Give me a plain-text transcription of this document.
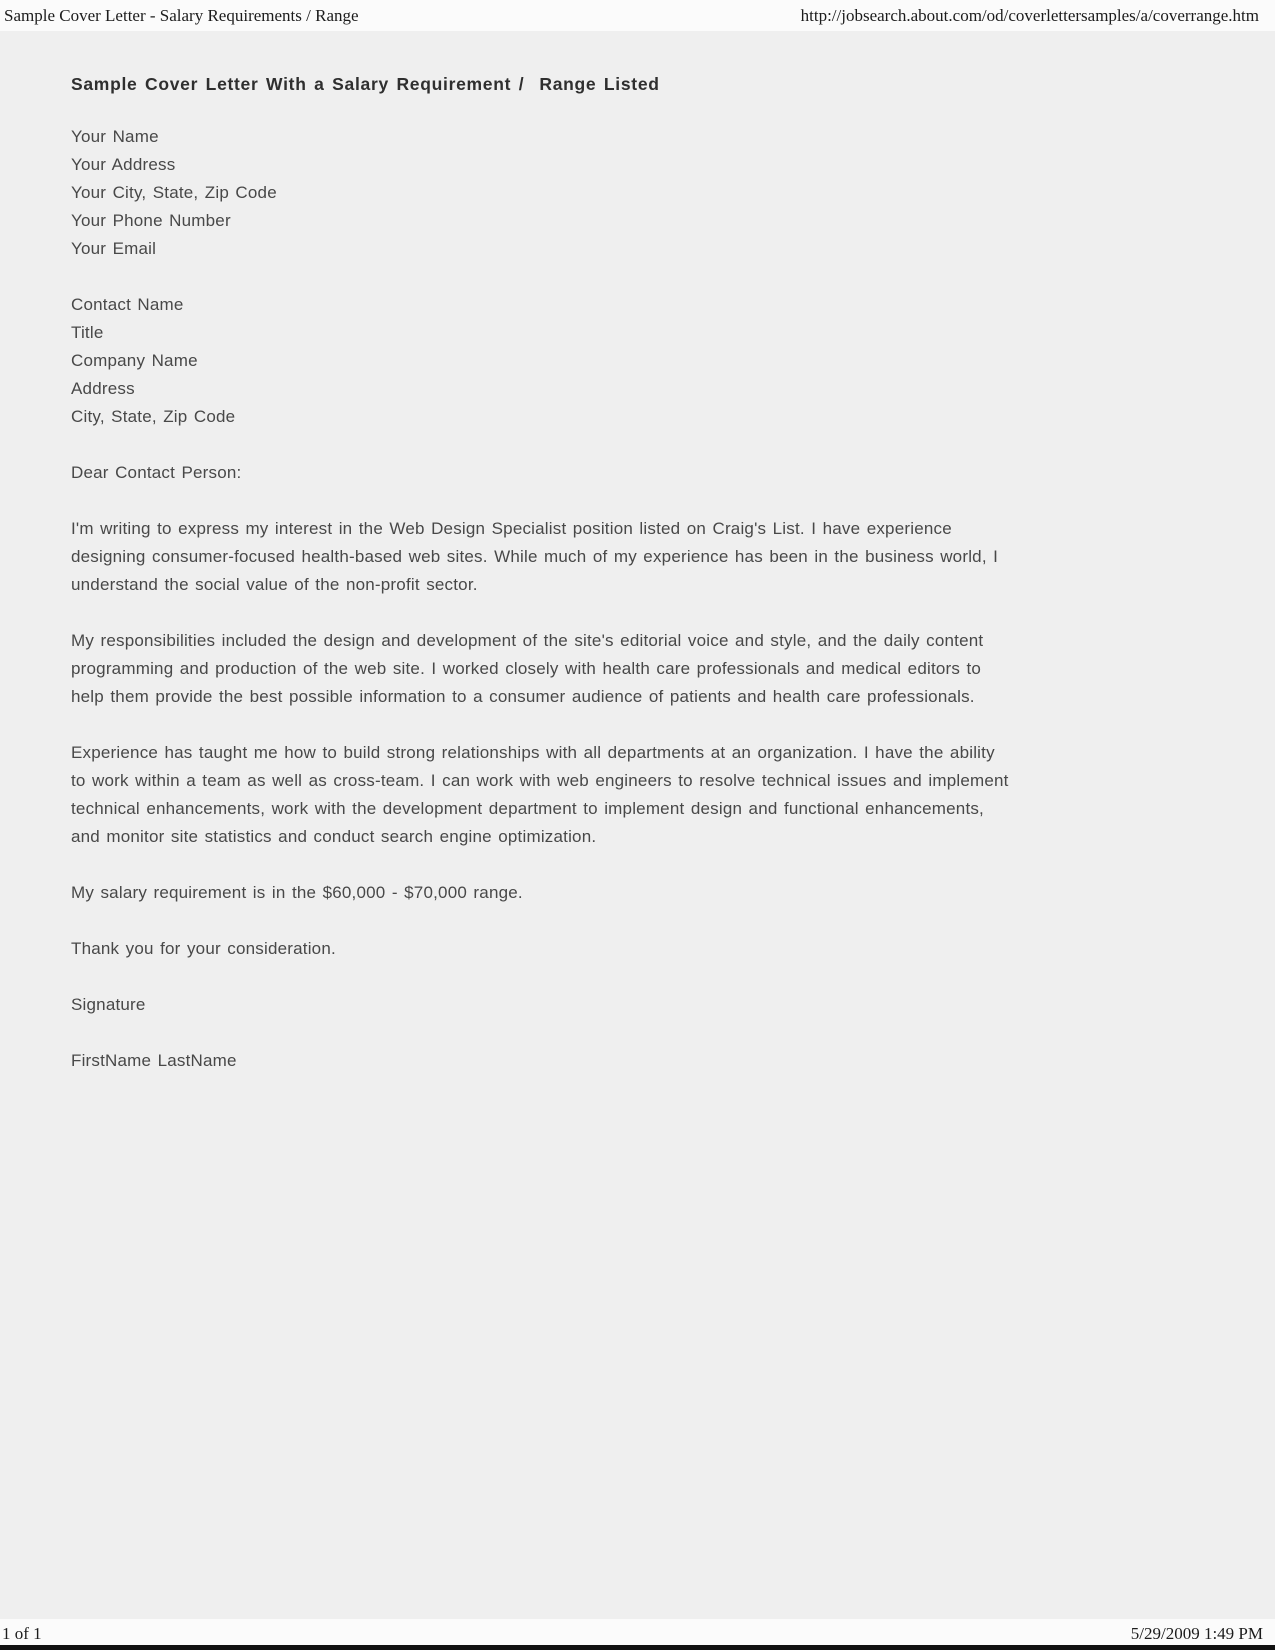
Sample Cover Letter - Salary Requirements / Range	http://jobsearch.about.com/od/coverlettersamples/a/coverrange.htm
Sample Cover Letter With a Salary Requirement /  Range Listed
Your Name
Your Address
Your City, State, Zip Code
Your Phone Number
Your Email
Contact Name
Title
Company Name
Address
City, State, Zip Code
Dear Contact Person:
I'm writing to express my interest in the Web Design Specialist position listed on Craig's List. I have experience
designing consumer-focused health-based web sites. While much of my experience has been in the business world, I
understand the social value of the non-profit sector.
My responsibilities included the design and development of the site's editorial voice and style, and the daily content
programming and production of the web site. I worked closely with health care professionals and medical editors to
help them provide the best possible information to a consumer audience of patients and health care professionals.
Experience has taught me how to build strong relationships with all departments at an organization. I have the ability
to work within a team as well as cross-team. I can work with web engineers to resolve technical issues and implement
technical enhancements, work with the development department to implement design and functional enhancements,
and monitor site statistics and conduct search engine optimization.
My salary requirement is in the $60,000 - $70,000 range.
Thank you for your consideration.
Signature
FirstName LastName
1 of 1	5/29/2009 1:49 PM
